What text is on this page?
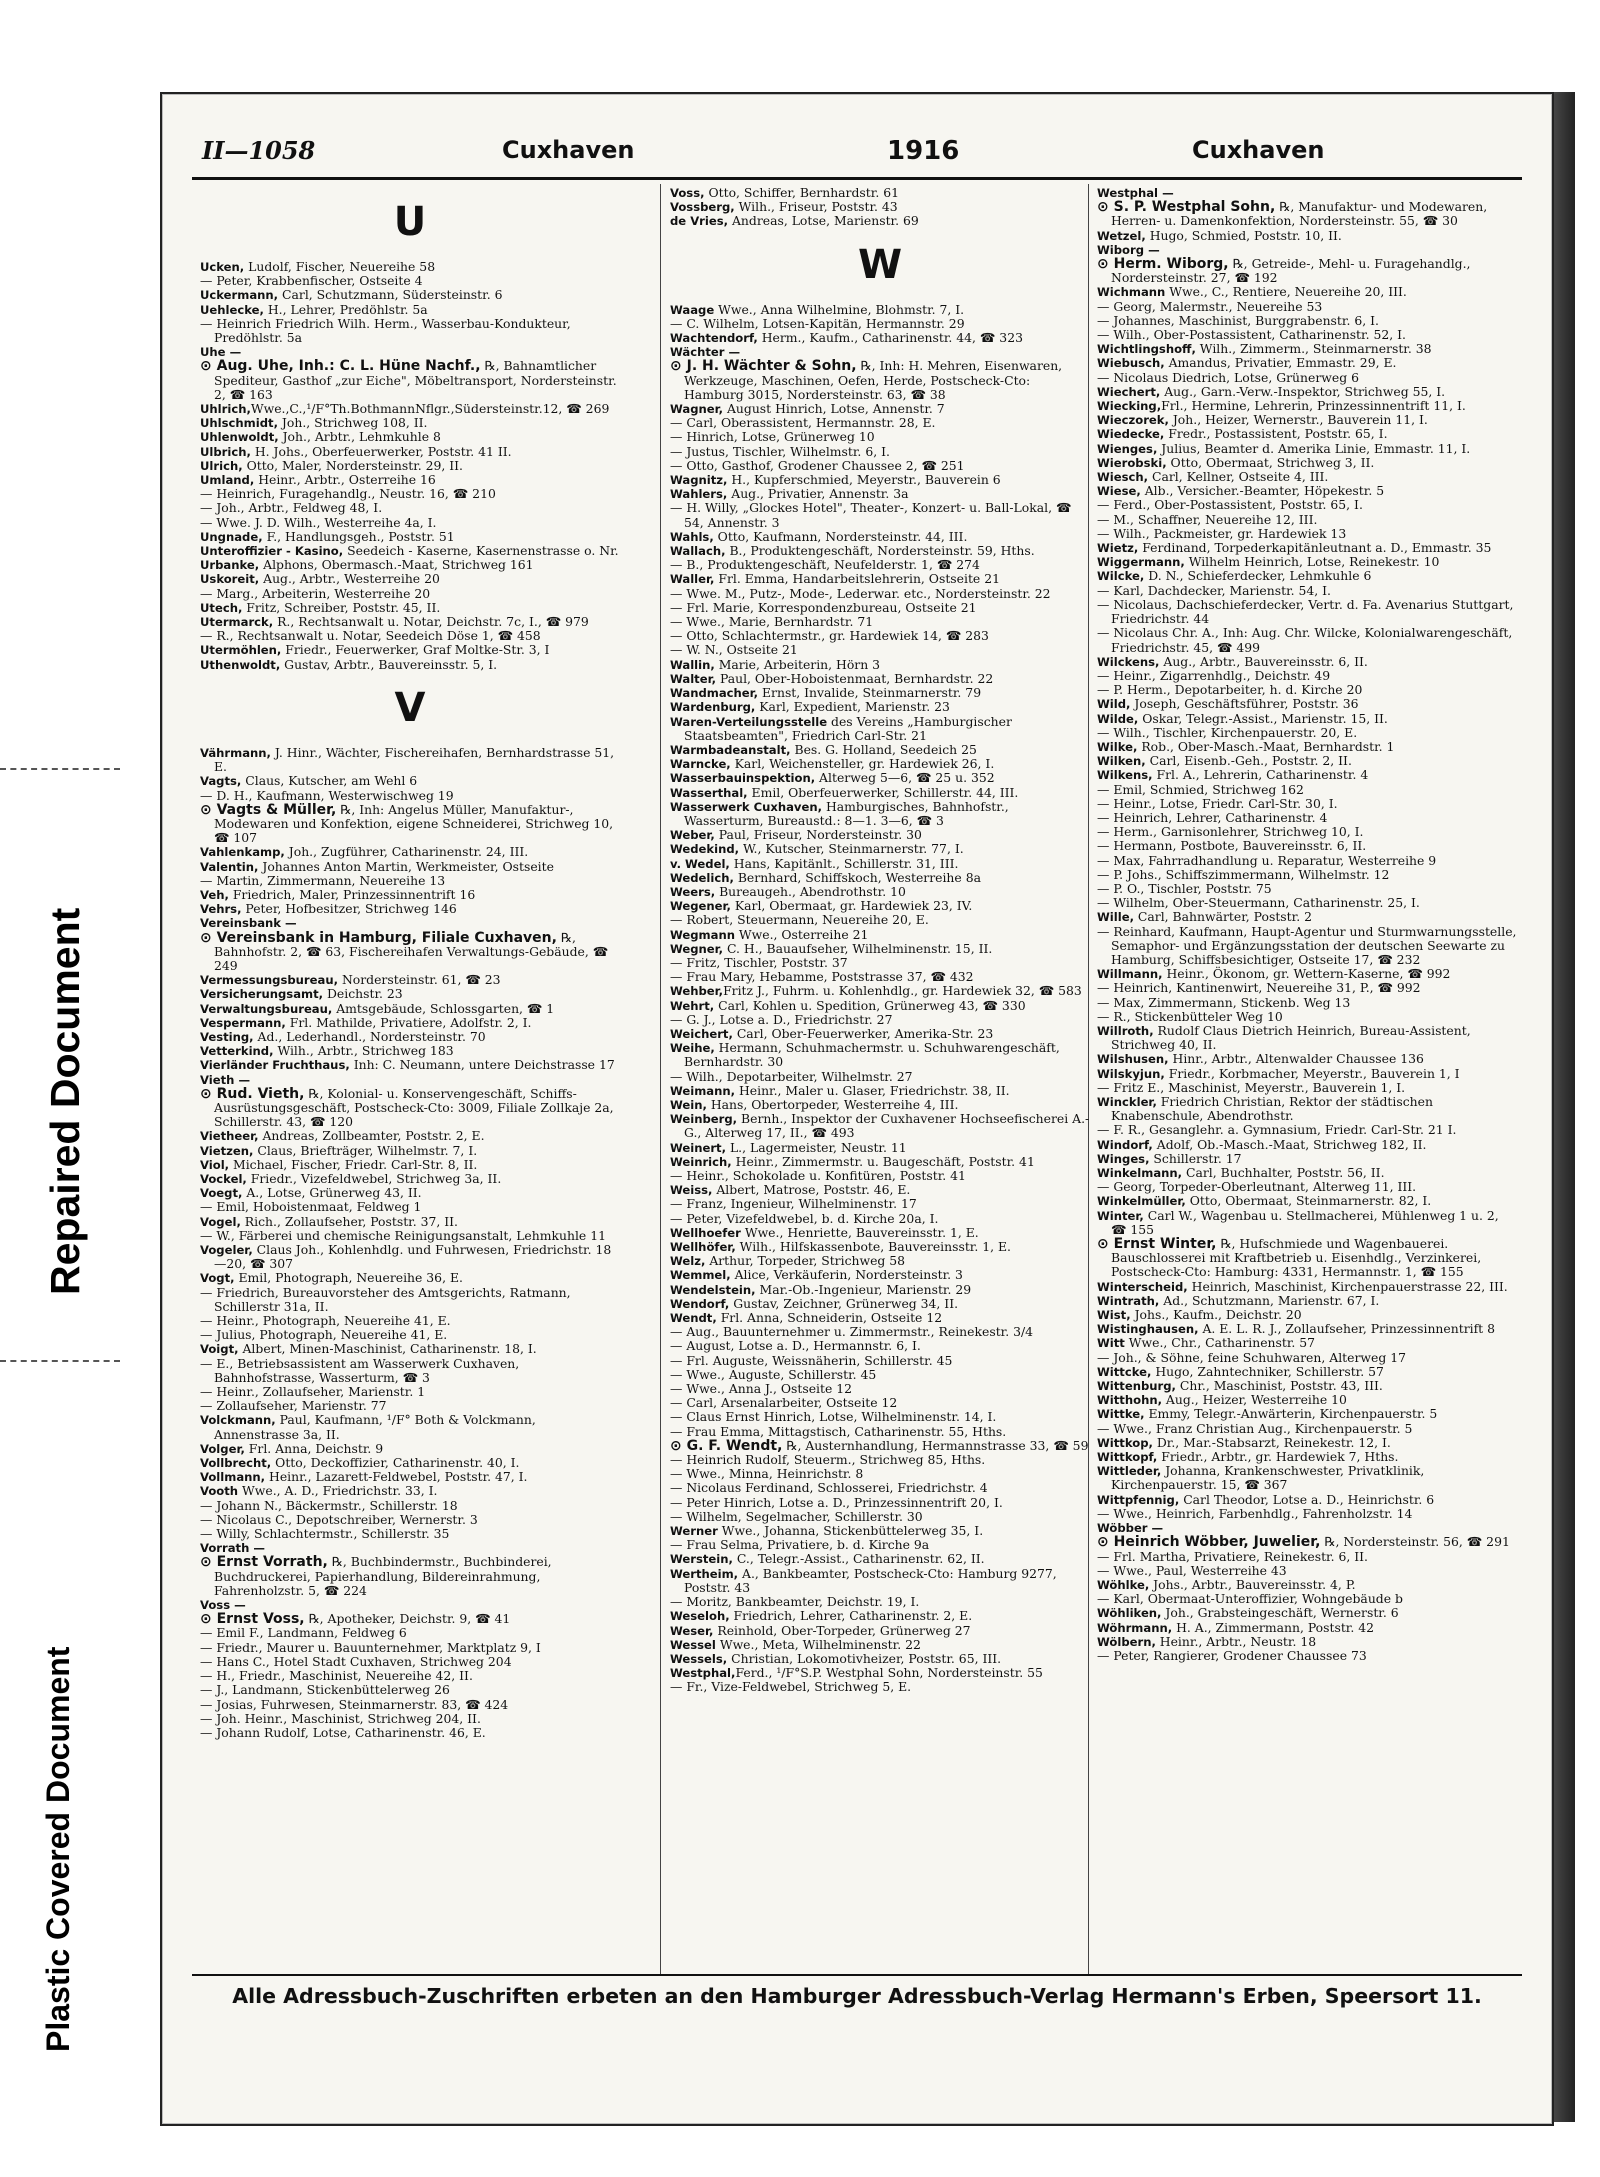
Repaired Document
Plastic Covered Document
II—1058	Cuxhaven	1916	Cuxhaven
U

Ucken, Ludolf, Fischer, Neuereihe 58

— Peter, Krabbenfischer, Ostseite 4

Uckermann, Carl, Schutzmann, Südersteinstr. 6

Uehlecke, H., Lehrer, Predöhlstr. 5a

— Heinrich Friedrich Wilh. Herm., Wasserbau-Kondukteur, Predöhlstr. 5a

Uhe —

⊙ Aug. Uhe, Inh.: C. L. Hüne Nachf., ℞, Bahnamtlicher Spediteur, Gasthof „zur Eiche", Möbeltransport, Nordersteinstr. 2, ☎ 163

Uhlrich,Wwe.,C.,¹/F°Th.BothmannNflgr.,Südersteinstr.12, ☎ 269

Uhlschmidt, Joh., Strichweg 108, II.

Uhlenwoldt, Joh., Arbtr., Lehmkuhle 8

Ulbrich, H. Johs., Oberfeuerwerker, Poststr. 41 II.

Ulrich, Otto, Maler, Nordersteinstr. 29, II.

Umland, Heinr., Arbtr., Osterreihe 16

— Heinrich, Furagehandlg., Neustr. 16, ☎ 210

— Joh., Arbtr., Feldweg 48, I.

— Wwe. J. D. Wilh., Westerreihe 4a, I.

Ungnade, F., Handlungsgeh., Poststr. 51

Unteroffizier - Kasino, Seedeich - Kaserne, Kasernenstrasse o. Nr.

Urbanke, Alphons, Obermasch.-Maat, Strichweg 161

Uskoreit, Aug., Arbtr., Westerreihe 20

— Marg., Arbeiterin, Westerreihe 20

Utech, Fritz, Schreiber, Poststr. 45, II.

Utermarck, R., Rechtsanwalt u. Notar, Deichstr. 7c, I., ☎ 979

— R., Rechtsanwalt u. Notar, Seedeich Döse 1, ☎ 458

Utermöhlen, Friedr., Feuerwerker, Graf Moltke-Str. 3, I

Uthenwoldt, Gustav, Arbtr., Bauvereinsstr. 5, I.

V

Vährmann, J. Hinr., Wächter, Fischereihafen, Bernhardstrasse 51, E.

Vagts, Claus, Kutscher, am Wehl 6

— D. H., Kaufmann, Westerwischweg 19

⊙ Vagts & Müller, ℞, Inh: Angelus Müller, Manufaktur-, Modewaren und Konfektion, eigene Schneiderei, Strichweg 10, ☎ 107

Vahlenkamp, Joh., Zugführer, Catharinenstr. 24, III.

Valentin, Johannes Anton Martin, Werkmeister, Ostseite

— Martin, Zimmermann, Neuereihe 13

Veh, Friedrich, Maler, Prinzessinnentrift 16

Vehrs, Peter, Hofbesitzer, Strichweg 146

Vereinsbank —

⊙ Vereinsbank in Hamburg, Filiale Cuxhaven, ℞, Bahnhofstr. 2, ☎ 63, Fischereihafen Verwaltungs-Gebäude, ☎ 249

Vermessungsbureau, Nordersteinstr. 61, ☎ 23

Versicherungsamt, Deichstr. 23

Verwaltungsbureau, Amtsgebäude, Schlossgarten, ☎ 1

Vespermann, Frl. Mathilde, Privatiere, Adolfstr. 2, I.

Vesting, Ad., Lederhandl., Nordersteinstr. 70

Vetterkind, Wilh., Arbtr., Strichweg 183

Vierländer Fruchthaus, Inh: C. Neumann, untere Deichstrasse 17

Vieth —

⊙ Rud. Vieth, ℞, Kolonial- u. Konservengeschäft, Schiffs-Ausrüstungsgeschäft, Postscheck-Cto: 3009, Filiale Zollkaje 2a, Schillerstr. 43, ☎ 120

Vietheer, Andreas, Zollbeamter, Poststr. 2, E.

Vietzen, Claus, Briefträger, Wilhelmstr. 7, I.

Viol, Michael, Fischer, Friedr. Carl-Str. 8, II.

Vockel, Friedr., Vizefeldwebel, Strichweg 3a, II.

Voegt, A., Lotse, Grünerweg 43, II.

— Emil, Hoboistenmaat, Feldweg 1

Vogel, Rich., Zollaufseher, Poststr. 37, II.

— W., Färberei und chemische Reinigungsanstalt, Lehmkuhle 11

Vogeler, Claus Joh., Kohlenhdlg. und Fuhrwesen, Friedrichstr. 18—20, ☎ 307

Vogt, Emil, Photograph, Neuereihe 36, E.

— Friedrich, Bureauvorsteher des Amtsgerichts, Ratmann, Schillerstr 31a, II.

— Heinr., Photograph, Neuereihe 41, E.

— Julius, Photograph, Neuereihe 41, E.

Voigt, Albert, Minen-Maschinist, Catharinenstr. 18, I.

— E., Betriebsassistent am Wasserwerk Cuxhaven, Bahnhofstrasse, Wasserturm, ☎ 3

— Heinr., Zollaufseher, Marienstr. 1

— Zollaufseher, Marienstr. 77

Volckmann, Paul, Kaufmann, ¹/F° Both & Volckmann, Annenstrasse 3a, II.

Volger, Frl. Anna, Deichstr. 9

Vollbrecht, Otto, Deckoffizier, Catharinenstr. 40, I.

Vollmann, Heinr., Lazarett-Feldwebel, Poststr. 47, I.

Vooth Wwe., A. D., Friedrichstr. 33, I.

— Johann N., Bäckermstr., Schillerstr. 18

— Nicolaus C., Depotschreiber, Wernerstr. 3

— Willy, Schlachtermstr., Schillerstr. 35

Vorrath —

⊙ Ernst Vorrath, ℞, Buchbindermstr., Buchbinderei, Buchdruckerei, Papierhandlung, Bildereinrahmung, Fahrenholzstr. 5, ☎ 224

Voss —

⊙ Ernst Voss, ℞, Apotheker, Deichstr. 9, ☎ 41

— Emil F., Landmann, Feldweg 6

— Friedr., Maurer u. Bauunternehmer, Marktplatz 9, I

— Hans C., Hotel Stadt Cuxhaven, Strichweg 204

— H., Friedr., Maschinist, Neuereihe 42, II.

— J., Landmann, Stickenbüttelerweg 26

— Josias, Fuhrwesen, Steinmarnerstr. 83, ☎ 424

— Joh. Heinr., Maschinist, Strichweg 204, II.

— Johann Rudolf, Lotse, Catharinenstr. 46, E.

Voss, Otto, Schiffer, Bernhardstr. 61

Vossberg, Wilh., Friseur, Poststr. 43

de Vries, Andreas, Lotse, Marienstr. 69

W

Waage Wwe., Anna Wilhelmine, Blohmstr. 7, I.

— C. Wilhelm, Lotsen-Kapitän, Hermannstr. 29

Wachtendorf, Herm., Kaufm., Catharinenstr. 44, ☎ 323

Wächter —

⊙ J. H. Wächter & Sohn, ℞, Inh: H. Mehren, Eisenwaren, Werkzeuge, Maschinen, Oefen, Herde, Postscheck-Cto: Hamburg 3015, Nordersteinstr. 63, ☎ 38

Wagner, August Hinrich, Lotse, Annenstr. 7

— Carl, Oberassistent, Hermannstr. 28, E.

— Hinrich, Lotse, Grünerweg 10

— Justus, Tischler, Wilhelmstr. 6, I.

— Otto, Gasthof, Grodener Chaussee 2, ☎ 251

Wagnitz, H., Kupferschmied, Meyerstr., Bauverein 6

Wahlers, Aug., Privatier, Annenstr. 3a

— H. Willy, „Glockes Hotel", Theater-, Konzert- u. Ball-Lokal, ☎ 54, Annenstr. 3

Wahls, Otto, Kaufmann, Nordersteinstr. 44, III.

Wallach, B., Produktengeschäft, Nordersteinstr. 59, Hths.

— B., Produktengeschäft, Neufelderstr. 1, ☎ 274

Waller, Frl. Emma, Handarbeitslehrerin, Ostseite 21

— Wwe. M., Putz-, Mode-, Lederwar. etc., Nordersteinstr. 22

— Frl. Marie, Korrespondenzbureau, Ostseite 21

— Wwe., Marie, Bernhardstr. 71

— Otto, Schlachtermstr., gr. Hardewiek 14, ☎ 283

— W. N., Ostseite 21

Wallin, Marie, Arbeiterin, Hörn 3

Walter, Paul, Ober-Hoboistenmaat, Bernhardstr. 22

Wandmacher, Ernst, Invalide, Steinmarnerstr. 79

Wardenburg, Karl, Expedient, Marienstr. 23

Waren-Verteilungsstelle des Vereins „Hamburgischer Staatsbeamten", Friedrich Carl-Str. 21

Warmbadeanstalt, Bes. G. Holland, Seedeich 25

Warncke, Karl, Weichensteller, gr. Hardewiek 26, I.

Wasserbauinspektion, Alterweg 5—6, ☎ 25 u. 352

Wasserthal, Emil, Oberfeuerwerker, Schillerstr. 44, III.

Wasserwerk Cuxhaven, Hamburgisches, Bahnhofstr., Wasserturm, Bureaustd.: 8—1. 3—6, ☎ 3

Weber, Paul, Friseur, Nordersteinstr. 30

Wedekind, W., Kutscher, Steinmarnerstr. 77, I.

v. Wedel, Hans, Kapitänlt., Schillerstr. 31, III.

Wedelich, Bernhard, Schiffskoch, Westerreihe 8a

Weers, Bureaugeh., Abendrothstr. 10

Wegener, Karl, Obermaat, gr. Hardewiek 23, IV.

— Robert, Steuermann, Neuereihe 20, E.

Wegmann Wwe., Osterreihe 21

Wegner, C. H., Bauaufseher, Wilhelminenstr. 15, II.

— Fritz, Tischler, Poststr. 37

— Frau Mary, Hebamme, Poststrasse 37, ☎ 432

Wehber,Fritz J., Fuhrm. u. Kohlenhdlg., gr. Hardewiek 32, ☎ 583

Wehrt, Carl, Kohlen u. Spedition, Grünerweg 43, ☎ 330

— G. J., Lotse a. D., Friedrichstr. 27

Weichert, Carl, Ober-Feuerwerker, Amerika-Str. 23

Weihe, Hermann, Schuhmachermstr. u. Schuhwarengeschäft, Bernhardstr. 30

— Wilh., Depotarbeiter, Wilhelmstr. 27

Weimann, Heinr., Maler u. Glaser, Friedrichstr. 38, II.

Wein, Hans, Obertorpeder, Westerreihe 4, III.

Weinberg, Bernh., Inspektor der Cuxhavener Hochseefischerei A.-G., Alterweg 17, II., ☎ 493

Weinert, L., Lagermeister, Neustr. 11

Weinrich, Heinr., Zimmermstr. u. Baugeschäft, Poststr. 41

— Heinr., Schokolade u. Konfitüren, Poststr. 41

Weiss, Albert, Matrose, Poststr. 46, E.

— Franz, Ingenieur, Wilhelminenstr. 17

— Peter, Vizefeldwebel, b. d. Kirche 20a, I.

Wellhoefer Wwe., Henriette, Bauvereinsstr. 1, E.

Wellhöfer, Wilh., Hilfskassenbote, Bauvereinsstr. 1, E.

Welz, Arthur, Torpeder, Strichweg 58

Wemmel, Alice, Verkäuferin, Nordersteinstr. 3

Wendelstein, Mar.-Ob.-Ingenieur, Marienstr. 29

Wendorf, Gustav, Zeichner, Grünerweg 34, II.

Wendt, Frl. Anna, Schneiderin, Ostseite 12

— Aug., Bauunternehmer u. Zimmermstr., Reinekestr. 3/4

— August, Lotse a. D., Hermannstr. 6, I.

— Frl. Auguste, Weissnäherin, Schillerstr. 45

— Wwe., Auguste, Schillerstr. 45

— Wwe., Anna J., Ostseite 12

— Carl, Arsenalarbeiter, Ostseite 12

— Claus Ernst Hinrich, Lotse, Wilhelminenstr. 14, I.

— Frau Emma, Mittagstisch, Catharinenstr. 55, Hths.

⊙ G. F. Wendt, ℞, Austernhandlung, Hermannstrasse 33, ☎ 59

— Heinrich Rudolf, Steuerm., Strichweg 85, Hths.

— Wwe., Minna, Heinrichstr. 8

— Nicolaus Ferdinand, Schlosserei, Friedrichstr. 4

— Peter Hinrich, Lotse a. D., Prinzessinnentrift 20, I.

— Wilhelm, Segelmacher, Schillerstr. 30

Werner Wwe., Johanna, Stickenbüttelerweg 35, I.

— Frau Selma, Privatiere, b. d. Kirche 9a

Werstein, C., Telegr.-Assist., Catharinenstr. 62, II.

Wertheim, A., Bankbeamter, Postscheck-Cto: Hamburg 9277, Poststr. 43

— Moritz, Bankbeamter, Deichstr. 19, I.

Weseloh, Friedrich, Lehrer, Catharinenstr. 2, E.

Weser, Reinhold, Ober-Torpeder, Grünerweg 27

Wessel Wwe., Meta, Wilhelminenstr. 22

Wessels, Christian, Lokomotivheizer, Poststr. 65, III.

Westphal,Ferd., ¹/F°S.P. Westphal Sohn, Nordersteinstr. 55

— Fr., Vize-Feldwebel, Strichweg 5, E.

Westphal —

⊙ S. P. Westphal Sohn, ℞, Manufaktur- und Modewaren, Herren- u. Damenkonfektion, Nordersteinstr. 55, ☎ 30

Wetzel, Hugo, Schmied, Poststr. 10, II.

Wiborg —

⊙ Herm. Wiborg, ℞, Getreide-, Mehl- u. Furagehandlg., Nordersteinstr. 27, ☎ 192

Wichmann Wwe., C., Rentiere, Neuereihe 20, III.

— Georg, Malermstr., Neuereihe 53

— Johannes, Maschinist, Burggrabenstr. 6, I.

— Wilh., Ober-Postassistent, Catharinenstr. 52, I.

Wichtlingshoff, Wilh., Zimmerm., Steinmarnerstr. 38

Wiebusch, Amandus, Privatier, Emmastr. 29, E.

— Nicolaus Diedrich, Lotse, Grünerweg 6

Wiechert, Aug., Garn.-Verw.-Inspektor, Strichweg 55, I.

Wiecking,Frl., Hermine, Lehrerin, Prinzessinnentrift 11, I.

Wieczorek, Joh., Heizer, Wernerstr., Bauverein 11, I.

Wiedecke, Fredr., Postassistent, Poststr. 65, I.

Wienges, Julius, Beamter d. Amerika Linie, Emmastr. 11, I.

Wierobski, Otto, Obermaat, Strichweg 3, II.

Wiesch, Carl, Kellner, Ostseite 4, III.

Wiese, Alb., Versicher.-Beamter, Höpekestr. 5

— Ferd., Ober-Postassistent, Poststr. 65, I.

— M., Schaffner, Neuereihe 12, III.

— Wilh., Packmeister, gr. Hardewiek 13

Wietz, Ferdinand, Torpederkapitänleutnant a. D., Emmastr. 35

Wiggermann, Wilhelm Heinrich, Lotse, Reinekestr. 10

Wilcke, D. N., Schieferdecker, Lehmkuhle 6

— Karl, Dachdecker, Marienstr. 54, I.

— Nicolaus, Dachschieferdecker, Vertr. d. Fa. Avenarius Stuttgart, Friedrichstr. 44

— Nicolaus Chr. A., Inh: Aug. Chr. Wilcke, Kolonialwarengeschäft, Friedrichstr. 45, ☎ 499

Wilckens, Aug., Arbtr., Bauvereinsstr. 6, II.

— Heinr., Zigarrenhdlg., Deichstr. 49

— P. Herm., Depotarbeiter, h. d. Kirche 20

Wild, Joseph, Geschäftsführer, Poststr. 36

Wilde, Oskar, Telegr.-Assist., Marienstr. 15, II.

— Wilh., Tischler, Kirchenpauerstr. 20, E.

Wilke, Rob., Ober-Masch.-Maat, Bernhardstr. 1

Wilken, Carl, Eisenb.-Geh., Poststr. 2, II.

Wilkens, Frl. A., Lehrerin, Catharinenstr. 4

— Emil, Schmied, Strichweg 162

— Heinr., Lotse, Friedr. Carl-Str. 30, I.

— Heinrich, Lehrer, Catharinenstr. 4

— Herm., Garnisonlehrer, Strichweg 10, I.

— Hermann, Postbote, Bauvereinsstr. 6, II.

— Max, Fahrradhandlung u. Reparatur, Westerreihe 9

— P. Johs., Schiffszimmermann, Wilhelmstr. 12

— P. O., Tischler, Poststr. 75

— Wilhelm, Ober-Steuermann, Catharinenstr. 25, I.

Wille, Carl, Bahnwärter, Poststr. 2

— Reinhard, Kaufmann, Haupt-Agentur und Sturmwarnungsstelle, Semaphor- und Ergänzungsstation der deutschen Seewarte zu Hamburg, Schiffsbesichtiger, Ostseite 17, ☎ 232

Willmann, Heinr., Ökonom, gr. Wettern-Kaserne, ☎ 992

— Heinrich, Kantinenwirt, Neuereihe 31, P., ☎ 992

— Max, Zimmermann, Stickenb. Weg 13

— R., Stickenbütteler Weg 10

Willroth, Rudolf Claus Dietrich Heinrich, Bureau-Assistent, Strichweg 40, II.

Wilshusen, Hinr., Arbtr., Altenwalder Chaussee 136

Wilskyjun, Friedr., Korbmacher, Meyerstr., Bauverein 1, I

— Fritz E., Maschinist, Meyerstr., Bauverein 1, I.

Winckler, Friedrich Christian, Rektor der städtischen Knabenschule, Abendrothstr.

— F. R., Gesanglehr. a. Gymnasium, Friedr. Carl-Str. 21 I.

Windorf, Adolf, Ob.-Masch.-Maat, Strichweg 182, II.

Winges, Schillerstr. 17

Winkelmann, Carl, Buchhalter, Poststr. 56, II.

— Georg, Torpeder-Oberleutnant, Alterweg 11, III.

Winkelmüller, Otto, Obermaat, Steinmarnerstr. 82, I.

Winter, Carl W., Wagenbau u. Stellmacherei, Mühlenweg 1 u. 2, ☎ 155

⊙ Ernst Winter, ℞, Hufschmiede und Wagenbauerei. Bauschlosserei mit Kraftbetrieb u. Eisenhdlg., Verzinkerei, Postscheck-Cto: Hamburg: 4331, Hermannstr. 1, ☎ 155

Winterscheid, Heinrich, Maschinist, Kirchenpauerstrasse 22, III.

Wintrath, Ad., Schutzmann, Marienstr. 67, I.

Wist, Johs., Kaufm., Deichstr. 20

Wistinghausen, A. E. L. R. J., Zollaufseher, Prinzessinnentrift 8

Witt Wwe., Chr., Catharinenstr. 57

— Joh., & Söhne, feine Schuhwaren, Alterweg 17

Wittcke, Hugo, Zahntechniker, Schillerstr. 57

Wittenburg, Chr., Maschinist, Poststr. 43, III.

Witthohn, Aug., Heizer, Westerreihe 10

Wittke, Emmy, Telegr.-Anwärterin, Kirchenpauerstr. 5

— Wwe., Franz Christian Aug., Kirchenpauerstr. 5

Wittkop, Dr., Mar.-Stabsarzt, Reinekestr. 12, I.

Wittkopf, Friedr., Arbtr., gr. Hardewiek 7, Hths.

Wittleder, Johanna, Krankenschwester, Privatklinik, Kirchenpauerstr. 15, ☎ 367

Wittpfennig, Carl Theodor, Lotse a. D., Heinrichstr. 6

— Wwe., Heinrich, Farbenhdlg., Fahrenholzstr. 14

Wöbber —

⊙ Heinrich Wöbber, Juwelier, ℞, Nordersteinstr. 56, ☎ 291

— Frl. Martha, Privatiere, Reinekestr. 6, II.

— Wwe., Paul, Westerreihe 43

Wöhlke, Johs., Arbtr., Bauvereinsstr. 4, P.

— Karl, Obermaat-Unteroffizier, Wohngebäude b

Wöhliken, Joh., Grabsteingeschäft, Wernerstr. 6

Wöhrmann, H. A., Zimmermann, Poststr. 42

Wölbern, Heinr., Arbtr., Neustr. 18

— Peter, Rangierer, Grodener Chaussee 73

Alle Adressbuch-Zuschriften erbeten an den Hamburger Adressbuch-Verlag Hermann's Erben, Speersort 11.
